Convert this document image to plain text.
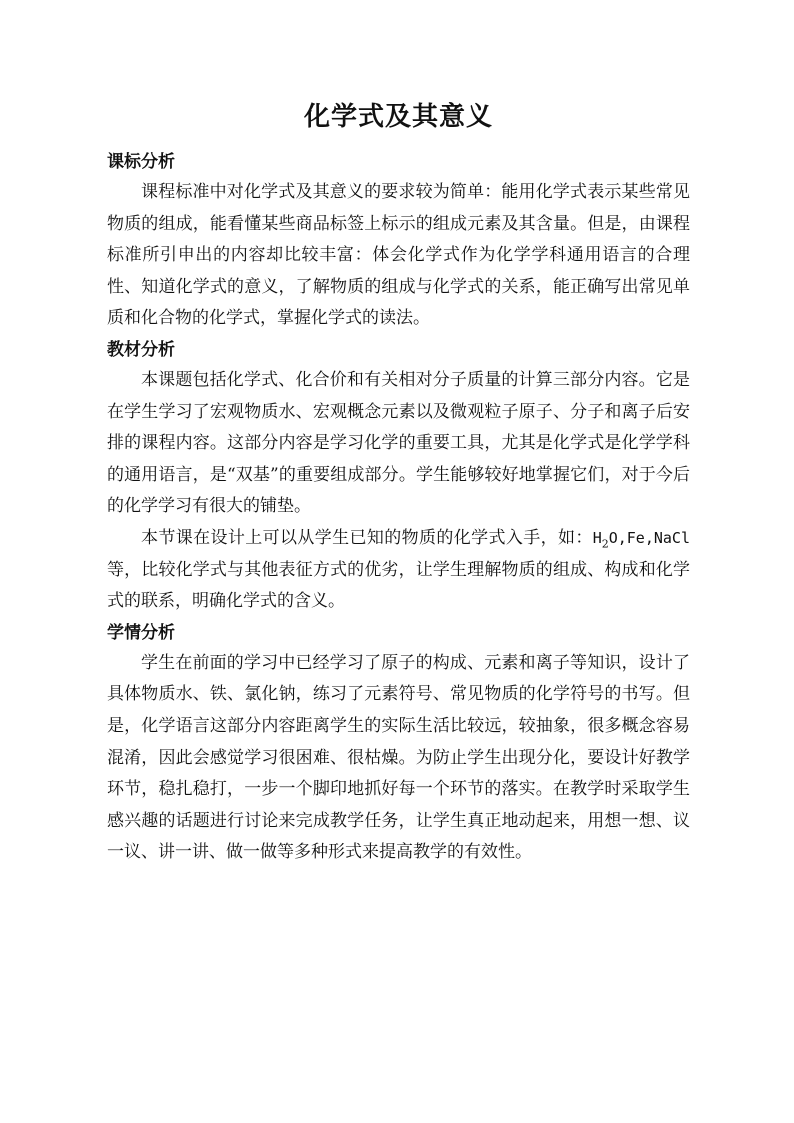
化学式及其意义
课标分析

课程标准中对化学式及其意义的要求较为简单：能用化学式表示某些常见物质的组成，能看懂某些商品标签上标示的组成元素及其含量。但是，由课程标准所引申出的内容却比较丰富：体会化学式作为化学学科通用语言的合理性、知道化学式的意义，了解物质的组成与化学式的关系，能正确写出常见单质和化合物的化学式，掌握化学式的读法。

教材分析

本课题包括化学式、化合价和有关相对分子质量的计算三部分内容。它是在学生学习了宏观物质水、宏观概念元素以及微观粒子原子、分子和离子后安排的课程内容。这部分内容是学习化学的重要工具，尤其是化学式是化学学科的通用语言，是“双基”的重要组成部分。学生能够较好地掌握它们，对于今后的化学学习有很大的铺垫。

本节课在设计上可以从学生已知的物质的化学式入手，如：$H_2O,Fe,NaCl$等，比较化学式与其他表征方式的优劣，让学生理解物质的组成、构成和化学式的联系，明确化学式的含义。

学情分析

学生在前面的学习中已经学习了原子的构成、元素和离子等知识，设计了具体物质水、铁、氯化钠，练习了元素符号、常见物质的化学符号的书写。但是，化学语言这部分内容距离学生的实际生活比较远，较抽象，很多概念容易混淆，因此会感觉学习很困难、很枯燥。为防止学生出现分化，要设计好教学环节，稳扎稳打，一步一个脚印地抓好每一个环节的落实。在教学时采取学生感兴趣的话题进行讨论来完成教学任务，让学生真正地动起来，用想一想、议一议、讲一讲、做一做等多种形式来提高教学的有效性。
